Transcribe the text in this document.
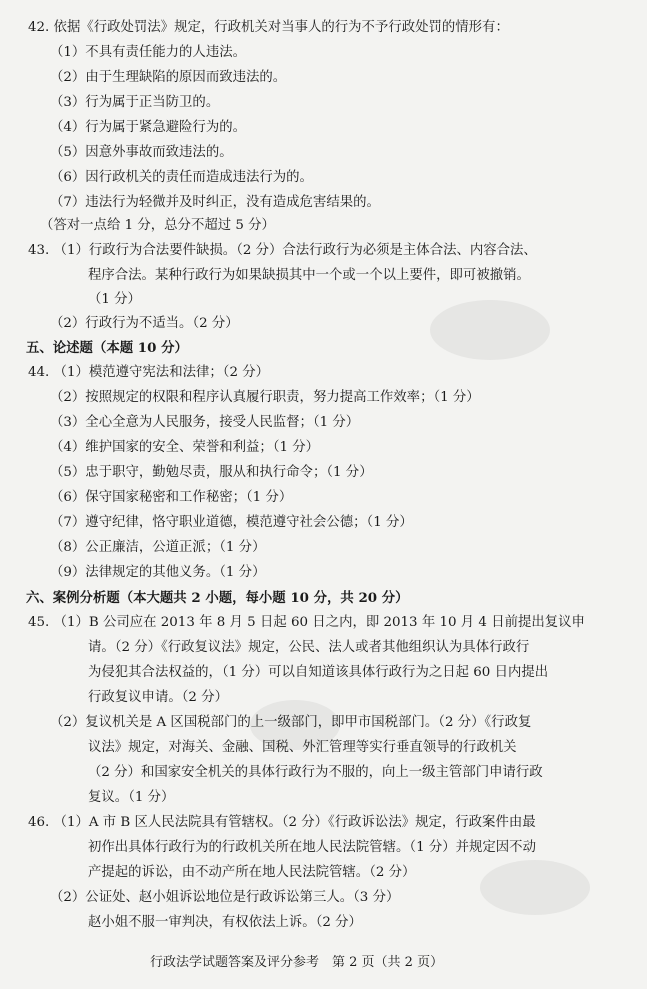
42. 依据《行政处罚法》规定，行政机关对当事人的行为不予行政处罚的情形有：
（1）不具有责任能力的人违法。
（2）由于生理缺陷的原因而致违法的。
（3）行为属于正当防卫的。
（4）行为属于紧急避险行为的。
（5）因意外事故而致违法的。
（6）因行政机关的责任而造成违法行为的。
（7）违法行为轻微并及时纠正，没有造成危害结果的。
（答对一点给 1 分，总分不超过 5 分）
43. （1）行政行为合法要件缺损。（2 分）合法行政行为必须是主体合法、内容合法、
程序合法。某种行政行为如果缺损其中一个或一个以上要件，即可被撤销。
（1 分）
（2）行政行为不适当。（2 分）
五、论述题（本题 10 分）
44. （1）模范遵守宪法和法律；（2 分）
（2）按照规定的权限和程序认真履行职责，努力提高工作效率；（1 分）
（3）全心全意为人民服务，接受人民监督；（1 分）
（4）维护国家的安全、荣誉和利益；（1 分）
（5）忠于职守，勤勉尽责，服从和执行命令；（1 分）
（6）保守国家秘密和工作秘密；（1 分）
（7）遵守纪律，恪守职业道德，模范遵守社会公德；（1 分）
（8）公正廉洁，公道正派；（1 分）
（9）法律规定的其他义务。（1 分）
六、案例分析题（本大题共 2 小题，每小题 10 分，共 20 分）
45. （1）B 公司应在 2013 年 8 月 5 日起 60 日之内，即 2013 年 10 月 4 日前提出复议申
请。（2 分）《行政复议法》规定，公民、法人或者其他组织认为具体行政行
为侵犯其合法权益的，（1 分）可以自知道该具体行政行为之日起 60 日内提出
行政复议申请。（2 分）
（2）复议机关是 A 区国税部门的上一级部门，即甲市国税部门。（2 分）《行政复
议法》规定，对海关、金融、国税、外汇管理等实行垂直领导的行政机关
（2 分）和国家安全机关的具体行政行为不服的，向上一级主管部门申请行政
复议。（1 分）
46. （1）A 市 B 区人民法院具有管辖权。（2 分）《行政诉讼法》规定，行政案件由最
初作出具体行政行为的行政机关所在地人民法院管辖。（1 分）并规定因不动
产提起的诉讼，由不动产所在地人民法院管辖。（2 分）
（2）公证处、赵小姐诉讼地位是行政诉讼第三人。（3 分）
赵小姐不服一审判决，有权依法上诉。（2 分）
行政法学试题答案及评分参考　第 2 页（共 2 页）
